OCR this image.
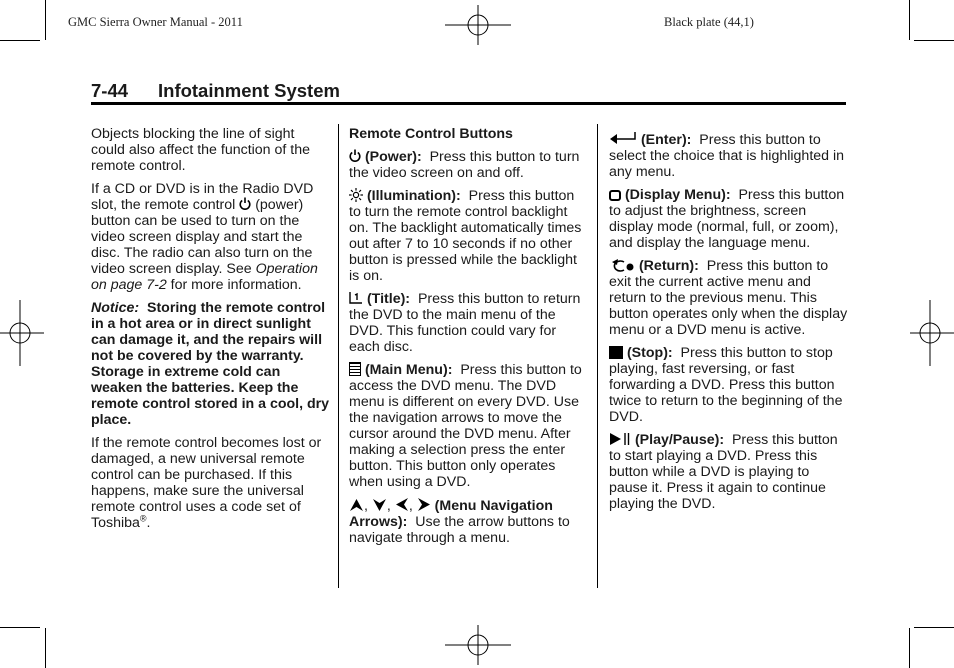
GMC Sierra Owner Manual - 2011	Black plate (44,1)
7-44 Infotainment System

Objects blocking the line of sight could also affect the function of the remote control.

If a CD or DVD is in the Radio DVD slot, the remote control  (power) button can be used to turn on the video screen display and start the disc. The radio can also turn on the video screen display. See Operation on page 7-2 for more information.

Notice: Storing the remote control in a hot area or in direct sunlight can damage it, and the repairs will not be covered by the warranty. Storage in extreme cold can weaken the batteries. Keep the remote control stored in a cool, dry place.

If the remote control becomes lost or damaged, a new universal remote control can be purchased. If this happens, make sure the universal remote control uses a code set of Toshiba®.

Remote Control Buttons

(Power): Press this button to turn the video screen on and off.

(Illumination): Press this button to turn the remote control backlight on. The backlight automatically times out after 7 to 10 seconds if no other button is pressed while the backlight is on.

(Title): Press this button to return the DVD to the main menu of the DVD. This function could vary for each disc.

(Main Menu): Press this button to access the DVD menu. The DVD menu is different on every DVD. Use the navigation arrows to move the cursor around the DVD menu. After making a selection press the enter button. This button only operates when using a DVD.

, , , (Menu Navigation Arrows): Use the arrow buttons to navigate through a menu.

(Enter): Press this button to select the choice that is highlighted in any menu.

(Display Menu): Press this button to adjust the brightness, screen display mode (normal, full, or zoom), and display the language menu.

(Return): Press this button to exit the current active menu and return to the previous menu. This button operates only when the display menu or a DVD menu is active.

(Stop): Press this button to stop playing, fast reversing, or fast forwarding a DVD. Press this button twice to return to the beginning of the DVD.

(Play/Pause): Press this button to start playing a DVD. Press this button while a DVD is playing to pause it. Press it again to continue playing the DVD.
